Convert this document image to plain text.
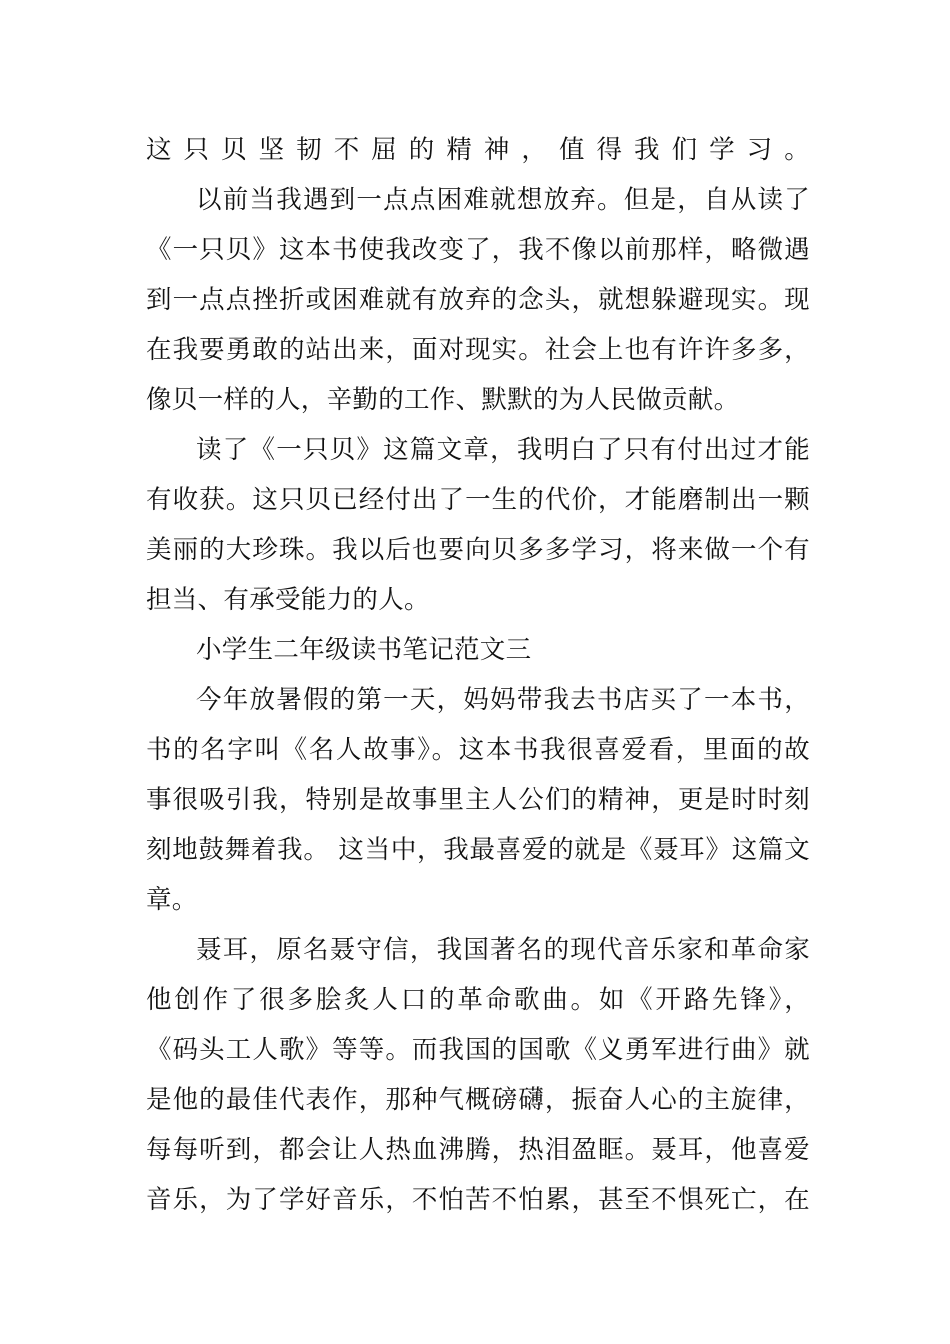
这只贝坚韧不屈的精神，值得我们学习。
以前当我遇到一点点困难就想放弃。但是，自从读了
《一只贝》这本书使我改变了，我不像以前那样，略微遇
到一点点挫折或困难就有放弃的念头，就想躲避现实。现
在我要勇敢的站出来，面对现实。社会上也有许许多多，
像贝一样的人，辛勤的工作、默默的为人民做贡献。
读了《一只贝》这篇文章，我明白了只有付出过才能
有收获。这只贝已经付出了一生的代价，才能磨制出一颗
美丽的大珍珠。我以后也要向贝多多学习，将来做一个有
担当、有承受能力的人。
小学生二年级读书笔记范文三
今年放暑假的第一天，妈妈带我去书店买了一本书，
书的名字叫《名人故事》。这本书我很喜爱看，里面的故
事很吸引我，特别是故事里主人公们的精神，更是时时刻
刻地鼓舞着我。 这当中，我最喜爱的就是《聂耳》这篇文
章。
聂耳，原名聂守信，我国著名的现代音乐家和革命家
他创作了很多脍炙人口的革命歌曲。如《开路先锋》，
《码头工人歌》等等。而我国的国歌《义勇军进行曲》就
是他的最佳代表作，那种气概磅礴，振奋人心的主旋律，
每每听到，都会让人热血沸腾，热泪盈眶。聂耳，他喜爱
音乐，为了学好音乐，不怕苦不怕累，甚至不惧死亡，在
